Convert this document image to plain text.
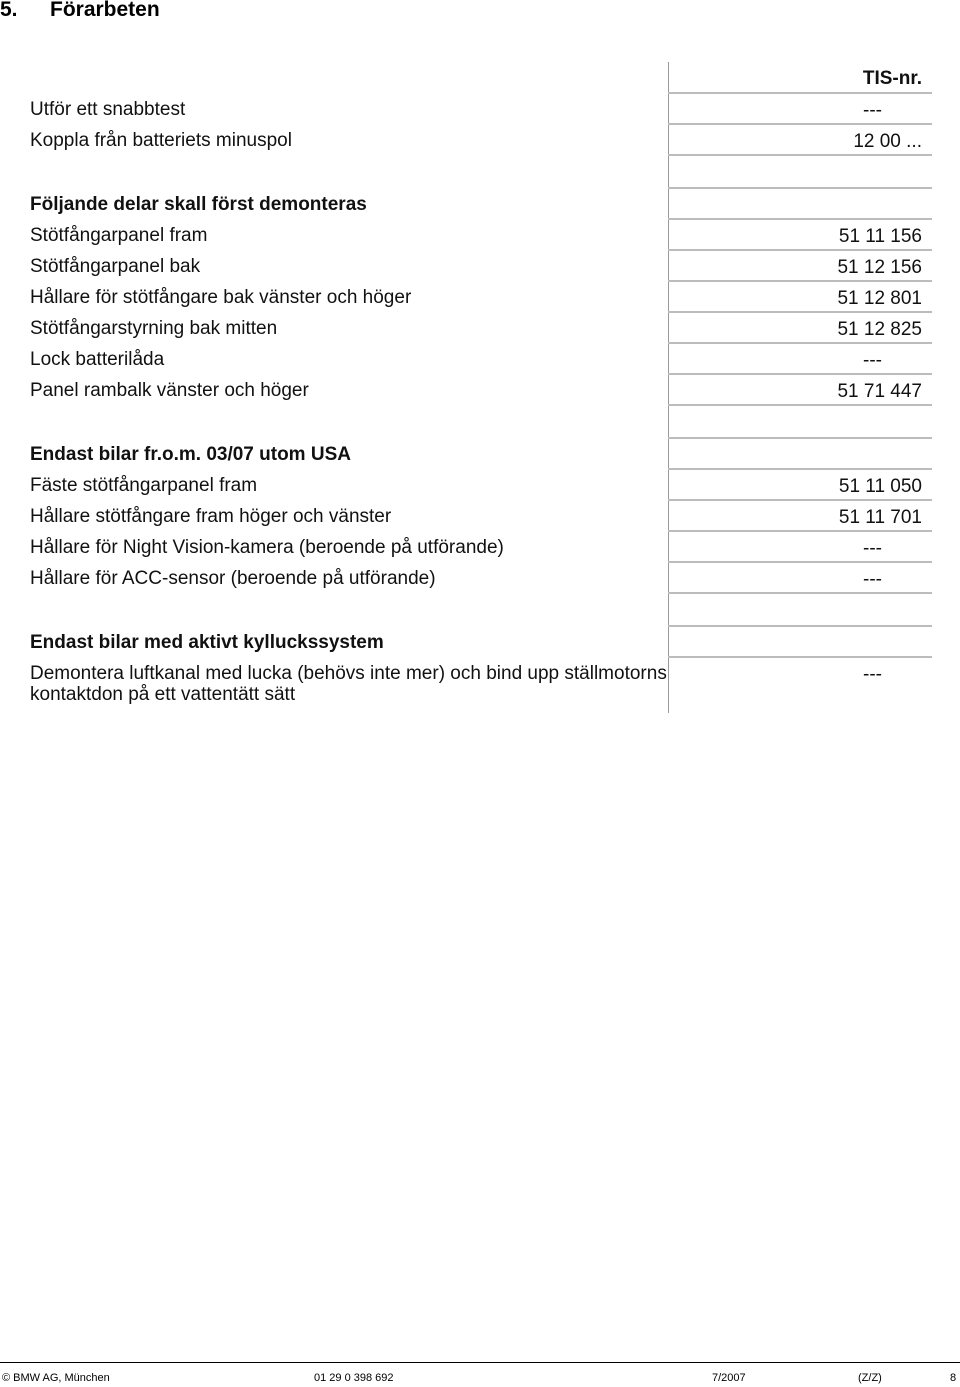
5. Förarbeten
	TIS-nr.
Utför ett snabbtest	---
Koppla från batteriets minuspol	12 00 ...

Följande delar skall först demonteras	
Stötfångarpanel fram	51 11 156
Stötfångarpanel bak	51 12 156
Hållare för stötfångare bak vänster och höger	51 12 801
Stötfångarstyrning bak mitten	51 12 825
Lock batterilåda	---
Panel rambalk vänster och höger	51 71 447

Endast bilar fr.o.m. 03/07 utom USA	
Fäste stötfångarpanel fram	51 11 050
Hållare stötfångare fram höger och vänster	51 11 701
Hållare för Night Vision-kamera (beroende på utförande)	---
Hållare för ACC-sensor (beroende på utförande)	---

Endast bilar med aktivt kylluckssystem	
Demontera luftkanal med lucka (behövs inte mer) och bind upp ställmotorns kontaktdon på ett vattentätt sätt	---
© BMW AG, München	01 29 0 398 692	7/2007	(Z/Z)	8
